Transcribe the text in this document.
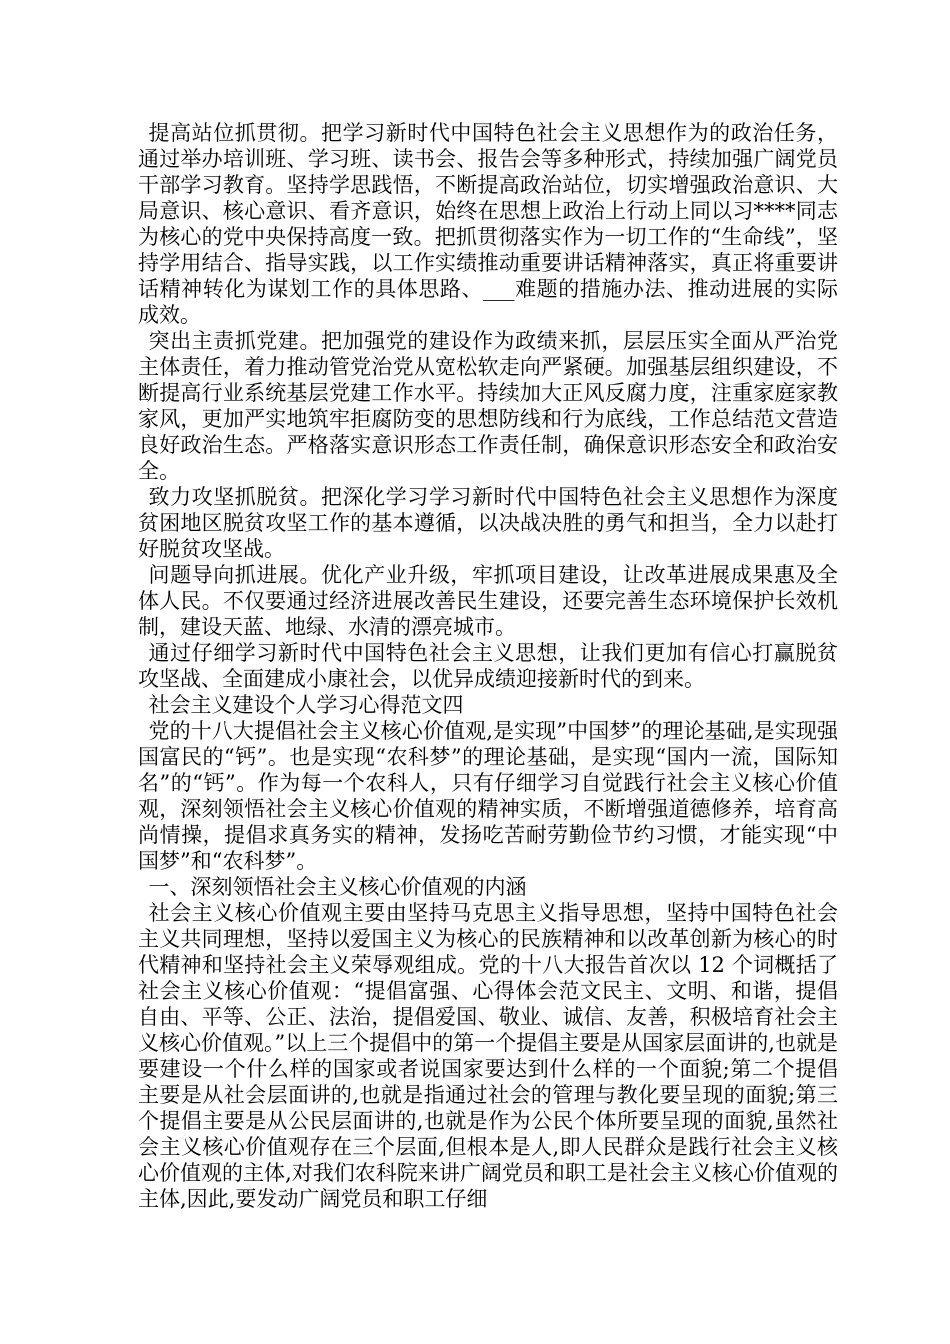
提高站位抓贯彻。把学习新时代中国特色社会主义思想作为的政治任务，通过举办培训班、学习班、读书会、报告会等多种形式，持续加强广阔党员干部学习教育。坚持学思践悟，不断提高政治站位，切实增强政治意识、大局意识、核心意识、看齐意识，始终在思想上政治上行动上同以习****同志为核心的党中央保持高度一致。把抓贯彻落实作为一切工作的“生命线”，坚持学用结合、指导实践，以工作实绩推动重要讲话精神落实，真正将重要讲话精神转化为谋划工作的具体思路、___难题的措施办法、推动进展的实际成效。

突出主责抓党建。把加强党的建设作为政绩来抓，层层压实全面从严治党主体责任，着力推动管党治党从宽松软走向严紧硬。加强基层组织建设，不断提高行业系统基层党建工作水平。持续加大正风反腐力度，注重家庭家教家风，更加严实地筑牢拒腐防变的思想防线和行为底线，工作总结范文营造良好政治生态。严格落实意识形态工作责任制，确保意识形态安全和政治安全。

致力攻坚抓脱贫。把深化学习学习新时代中国特色社会主义思想作为深度贫困地区脱贫攻坚工作的基本遵循，以决战决胜的勇气和担当，全力以赴打好脱贫攻坚战。

问题导向抓进展。优化产业升级，牢抓项目建设，让改革进展成果惠及全体人民。不仅要通过经济进展改善民生建设，还要完善生态环境保护长效机制，建设天蓝、地绿、水清的漂亮城市。

通过仔细学习新时代中国特色社会主义思想，让我们更加有信心打赢脱贫攻坚战、全面建成小康社会，以优异成绩迎接新时代的到来。

社会主义建设个人学习心得范文四

党的十八大提倡社会主义核心价值观,是实现”中国梦”的理论基础,是实现强国富民的“钙”。也是实现“农科梦”的理论基础，是实现“国内一流，国际知名”的“钙”。作为每一个农科人，只有仔细学习自觉践行社会主义核心价值观，深刻领悟社会主义核心价值观的精神实质，不断增强道德修养，培育高尚情操，提倡求真务实的精神，发扬吃苦耐劳勤俭节约习惯，才能实现“中国梦”和“农科梦”。

一、深刻领悟社会主义核心价值观的内涵

社会主义核心价值观主要由坚持马克思主义指导思想，坚持中国特色社会主义共同理想，坚持以爱国主义为核心的民族精神和以改革创新为核心的时代精神和坚持社会主义荣辱观组成。党的十八大报告首次以 12 个词概括了社会主义核心价值观：“提倡富强、心得体会范文民主、文明、和谐，提倡自由、平等、公正、法治，提倡爱国、敬业、诚信、友善，积极培育社会主义核心价值观。”以上三个提倡中的第一个提倡主要是从国家层面讲的,也就是要建设一个什么样的国家或者说国家要达到什么样的一个面貌;第二个提倡主要是从社会层面讲的,也就是指通过社会的管理与教化要呈现的面貌;第三个提倡主要是从公民层面讲的,也就是作为公民个体所要呈现的面貌,虽然社会主义核心价值观存在三个层面,但根本是人,即人民群众是践行社会主义核心价值观的主体,对我们农科院来讲广阔党员和职工是社会主义核心价值观的主体,因此,要发动广阔党员和职工仔细
